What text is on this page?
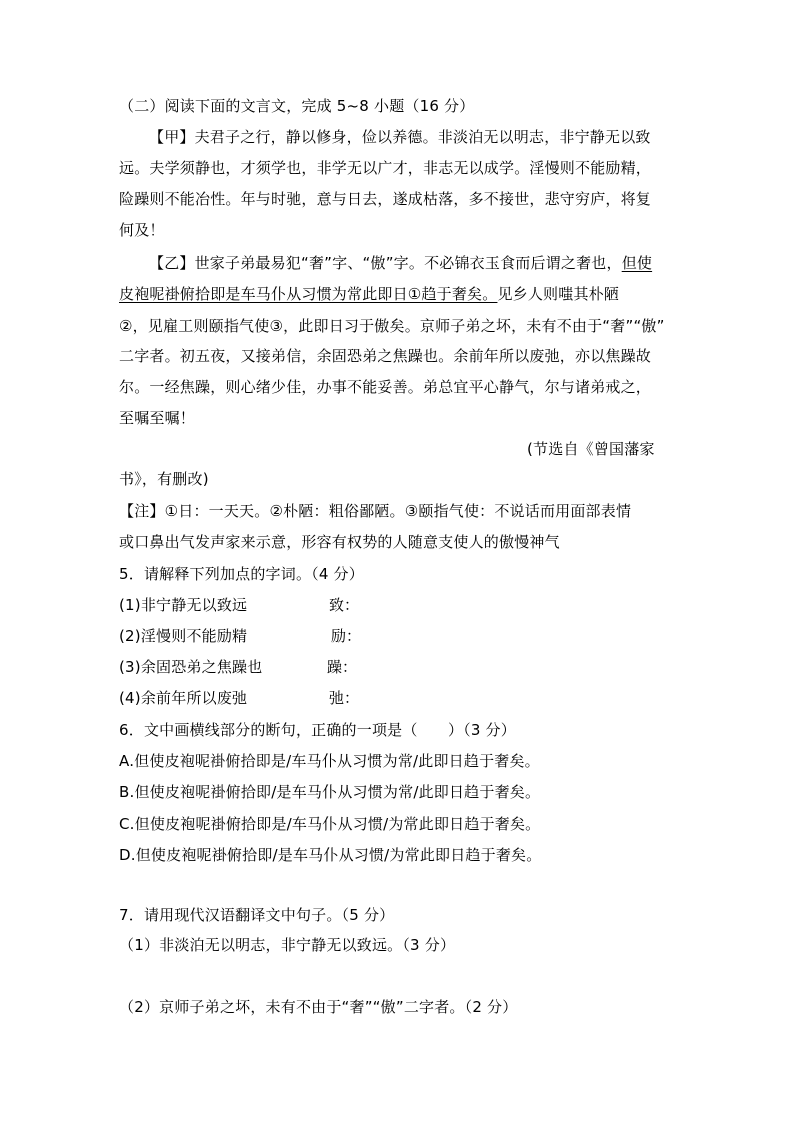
（二）阅读下面的文言文，完成 5~8 小题（16 分）
【甲】夫君子之行，静以修身，俭以养德。非淡泊无以明志，非宁静无以致
远。夫学须静也，才须学也，非学无以广才，非志无以成学。淫慢则不能励精，
险躁则不能冶性。年与时驰，意与日去，遂成枯落，多不接世，悲守穷庐，将复
何及！
【乙】世家子弟最易犯“奢”字、“傲”字。不必锦衣玉食而后谓之奢也，但使
皮袍呢褂俯拾即是车马仆从习惯为常此即日①趋于奢矣。见乡人则嗤其朴陋
②，见雇工则颐指气使③，此即日习于傲矣。京师子弟之坏，未有不由于“奢”“傲”
二字者。初五夜，又接弟信，余固恐弟之焦躁也。余前年所以废弛，亦以焦躁故
尔。一经焦躁，则心绪少佳，办事不能妥善。弟总宜平心静气，尔与诸弟戒之，
至嘱至嘱！
(节选自《曾国藩家
书》，有删改)
【注】①日：一天天。②朴陋：粗俗鄙陋。③颐指气使：不说话而用面部表情
或口鼻出气发声家来示意，形容有权势的人随意支使人的傲慢神气
5．请解释下列加点的字词。（4 分）
(1)非宁静无以致远	致：
(2)淫慢则不能励精	励：
(3)余固恐弟之焦躁也	躁：
(4)余前年所以废弛	弛：
6．文中画横线部分的断句，正确的一项是（　　）（3 分）
A.但使皮袍呢褂俯拾即是/车马仆从习惯为常/此即日趋于奢矣。
B.但使皮袍呢褂俯拾即/是车马仆从习惯为常/此即日趋于奢矣。
C.但使皮袍呢褂俯拾即是/车马仆从习惯/为常此即日趋于奢矣。
D.但使皮袍呢褂俯拾即/是车马仆从习惯/为常此即日趋于奢矣。
7．请用现代汉语翻译文中句子。（5 分）
（1）非淡泊无以明志，非宁静无以致远。（3 分）
（2）京师子弟之坏，未有不由于“奢”“傲”二字者。（2 分）
